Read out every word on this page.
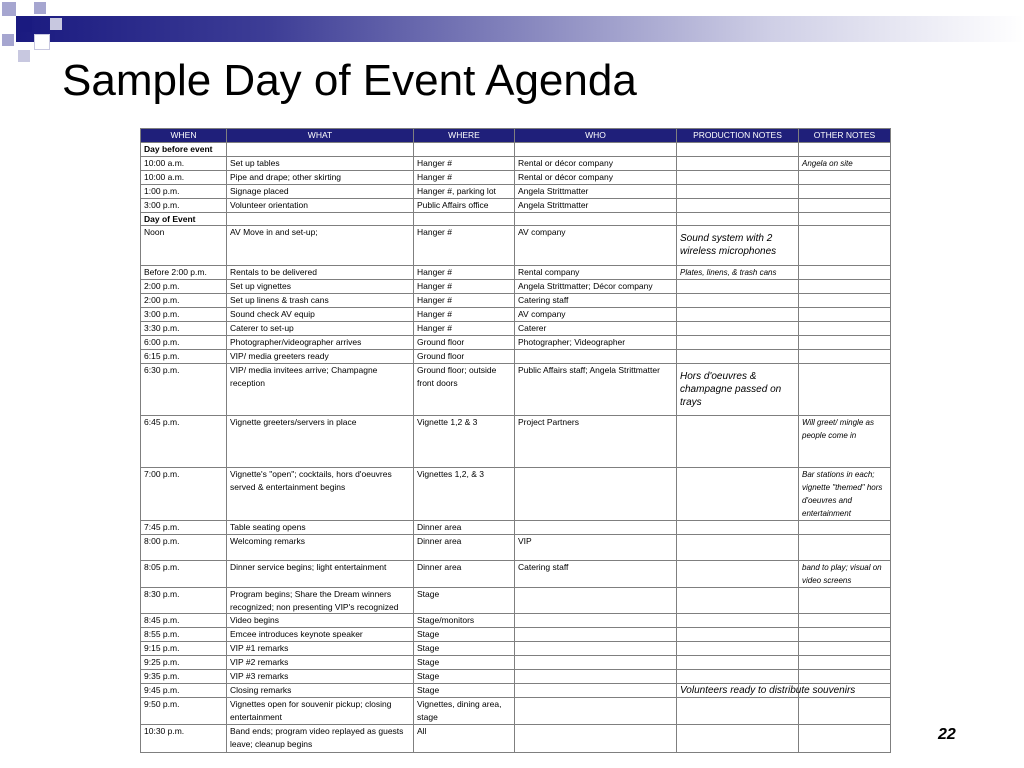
Sample Day of Event Agenda
WHEN	WHAT	WHERE	WHO	PRODUCTION NOTES	OTHER NOTES
Day before event					
10:00 a.m.	Set up tables	Hanger #	Rental or décor company		Angela on site
10:00 a.m.	Pipe and drape; other skirting	Hanger #	Rental or décor company		
1:00 p.m.	Signage placed	Hanger #, parking lot	Angela Strittmatter		
3:00 p.m.	Volunteer orientation	Public Affairs office	Angela Strittmatter		
Day of Event					
Noon	AV Move in and set-up;	Hanger #	AV company	Sound system with 2 wireless microphones	
Before 2:00 p.m.	Rentals to be delivered	Hanger #	Rental company	Plates, linens, & trash cans	
2:00 p.m.	Set up vignettes	Hanger #	Angela Strittmatter; Décor company		
2:00 p.m.	Set up linens & trash cans	Hanger #	Catering staff		
3:00 p.m.	Sound check AV equip	Hanger #	AV company		
3:30 p.m.	Caterer to set-up	Hanger #	Caterer		
6:00 p.m.	Photographer/videographer arrives	Ground floor	Photographer; Videographer		
6:15 p.m.	VIP/ media greeters ready	Ground floor			
6:30 p.m.	VIP/ media invitees arrive; Champagne reception	Ground floor; outside front doors	Public Affairs staff; Angela Strittmatter	Hors d'oeuvres & champagne passed on trays	
6:45 p.m.	Vignette greeters/servers in place	Vignette 1,2 & 3	Project Partners		Will greet/ mingle as people come in
7:00 p.m.	Vignette's "open"; cocktails, hors d'oeuvres served & entertainment begins	Vignettes 1,2, & 3			Bar stations in each; vignette "themed" hors d'oeuvres and entertainment
7:45 p.m.	Table seating opens	Dinner area			
8:00 p.m.	Welcoming remarks	Dinner area	VIP		
8:05 p.m.	Dinner service begins; light entertainment	Dinner area	Catering staff		band to play; visual on video screens
8:30 p.m.	Program begins; Share the Dream winners recognized; non presenting VIP's recognized	Stage			
8:45 p.m.	Video begins	Stage/monitors			
8:55 p.m.	Emcee introduces keynote speaker	Stage			
9:15 p.m.	VIP #1 remarks	Stage			
9:25 p.m.	VIP #2 remarks	Stage			
9:35 p.m.	VIP #3 remarks	Stage			
9:45 p.m.	Closing remarks	Stage		Volunteers ready to distribute souvenirs	
9:50 p.m.	Vignettes open for souvenir pickup; closing entertainment	Vignettes, dining area, stage			
10:30 p.m.	Band ends; program video replayed as guests leave; cleanup begins	All				22
